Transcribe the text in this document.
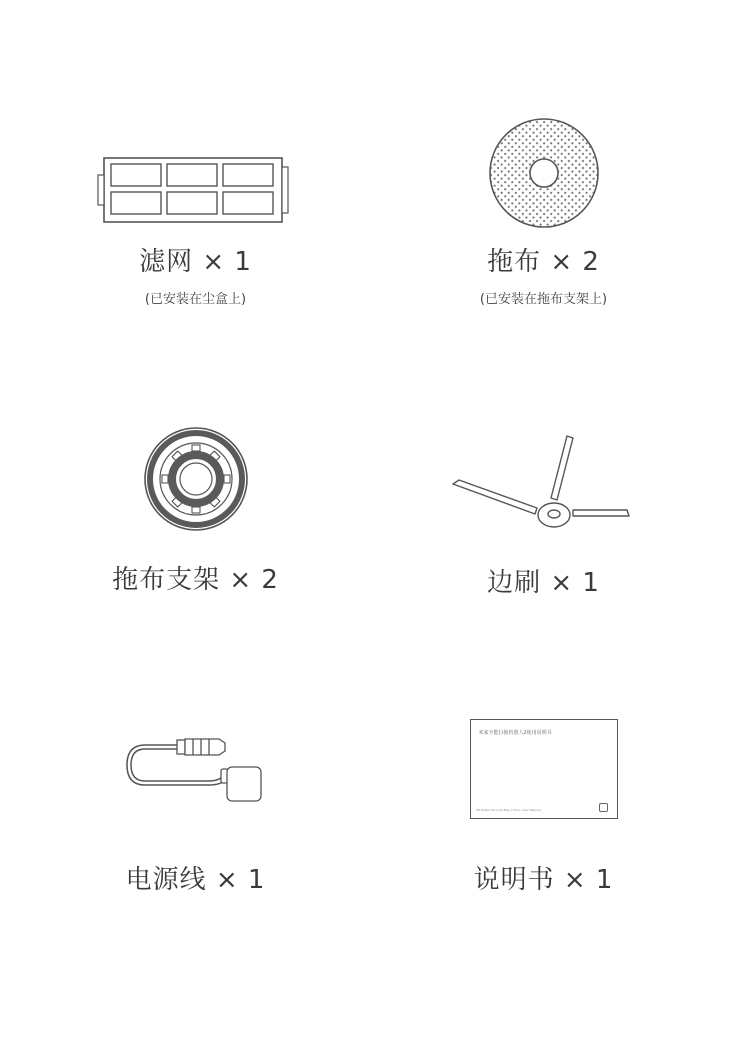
滤网 × 1
(已安装在尘盒上)
拖布 × 2
(已安装在拖布支架上)
拖布支架 × 2	边刷 × 1
电源线 × 1
米家全能扫拖机器人2使用说明书
MI Robot Vacuum-Mop 2 Pro+ User Manual
说明书 × 1
